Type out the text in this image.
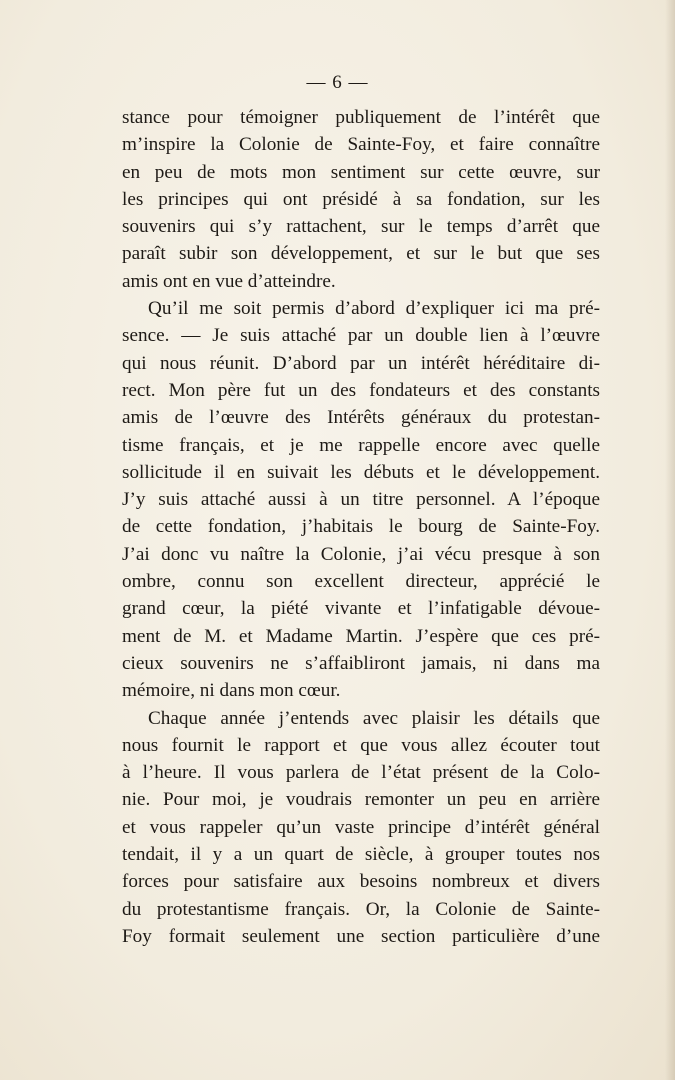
— 6 —
stance pour témoigner publiquement de l’intérêt que
m’inspire la Colonie de Sainte-Foy, et faire connaître
en peu de mots mon sentiment sur cette œuvre, sur
les principes qui ont présidé à sa fondation, sur les
souvenirs qui s’y rattachent, sur le temps d’arrêt que
paraît subir son développement, et sur le but que ses
amis ont en vue d’atteindre.
Qu’il me soit permis d’abord d’expliquer ici ma pré-
sence. — Je suis attaché par un double lien à l’œuvre
qui nous réunit. D’abord par un intérêt héréditaire di-
rect. Mon père fut un des fondateurs et des constants
amis de l’œuvre des Intérêts généraux du protestan-
tisme français, et je me rappelle encore avec quelle
sollicitude il en suivait les débuts et le développement.
J’y suis attaché aussi à un titre personnel. A l’époque
de cette fondation, j’habitais le bourg de Sainte-Foy.
J’ai donc vu naître la Colonie, j’ai vécu presque à son
ombre, connu son excellent directeur, apprécié le
grand cœur, la piété vivante et l’infatigable dévoue-
ment de M. et Madame Martin. J’espère que ces pré-
cieux souvenirs ne s’affaibliront jamais, ni dans ma
mémoire, ni dans mon cœur.
Chaque année j’entends avec plaisir les détails que
nous fournit le rapport et que vous allez écouter tout
à l’heure. Il vous parlera de l’état présent de la Colo-
nie. Pour moi, je voudrais remonter un peu en arrière
et vous rappeler qu’un vaste principe d’intérêt général
tendait, il y a un quart de siècle, à grouper toutes nos
forces pour satisfaire aux besoins nombreux et divers
du protestantisme français. Or, la Colonie de Sainte-
Foy formait seulement une section particulière d’une
